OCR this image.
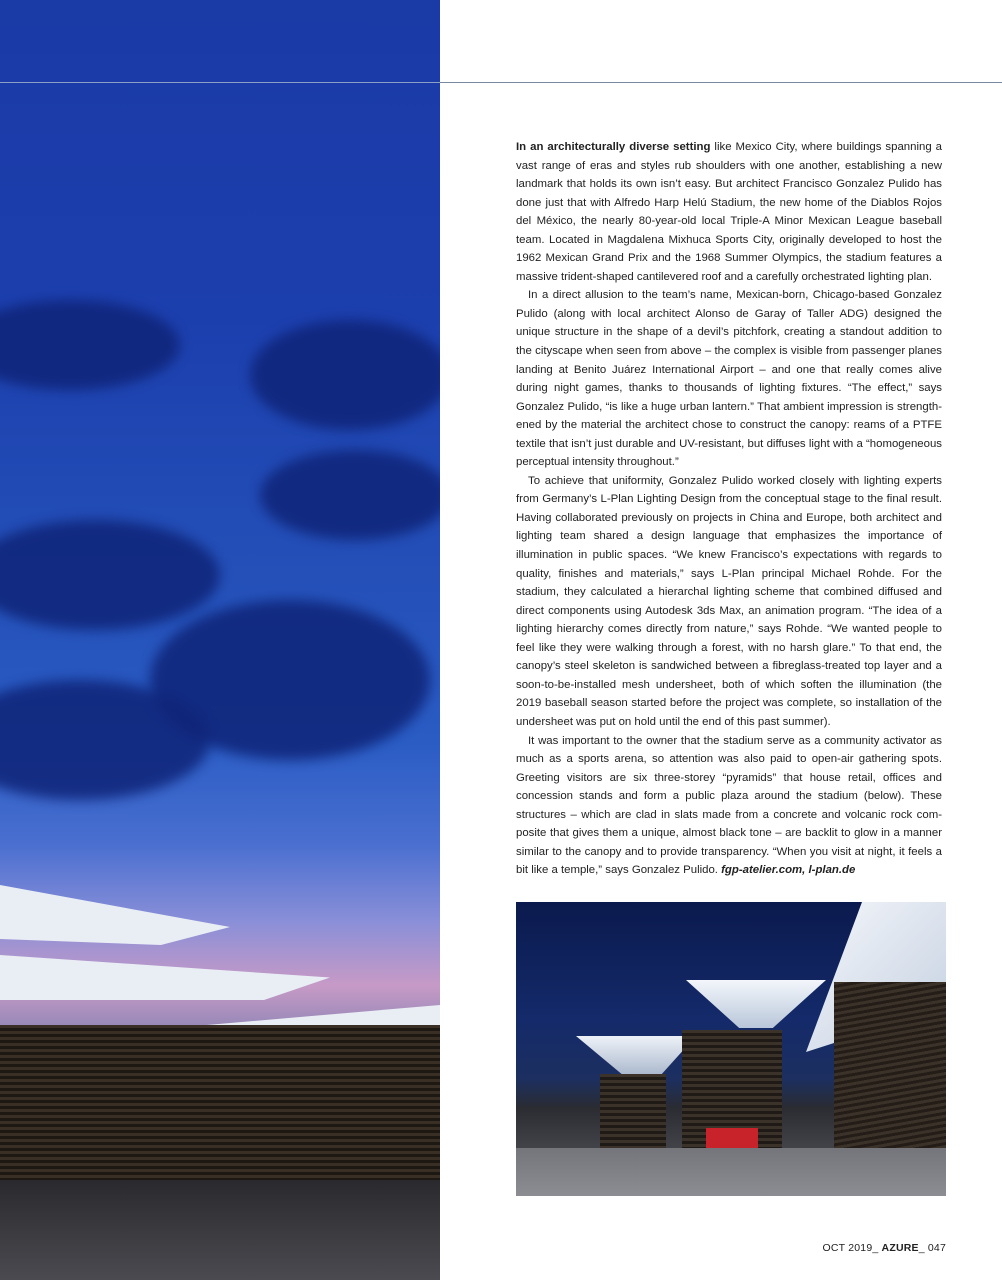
In an architecturally diverse setting like Mexico City, where buildings spanning a vast range of eras and styles rub shoulders with one another, establishing a new landmark that holds its own isn’t easy. But architect Francisco Gonzalez Pulido has done just that with Alfredo Harp Helú Stadium, the new home of the Diablos Rojos del México, the nearly 80-year-old local Triple-A Minor Mexican League baseball team. Located in Magdalena Mixhuca Sports City, originally developed to host the 1962 Mexican Grand Prix and the 1968 Summer Olympics, the stadium features a massive trident-shaped cantilevered roof and a carefully orchestrated lighting plan.

In a direct allusion to the team’s name, Mexican-born, Chicago-based Gonzalez Pulido (along with local architect Alonso de Garay of Taller ADG) designed the unique structure in the shape of a devil’s pitchfork, creating a standout addition to the cityscape when seen from above – the complex is visible from passenger planes landing at Benito Juárez International Airport – and one that really comes alive during night games, thanks to thousands of lighting fixtures. “The effect,” says Gonzalez Pulido, “is like a huge urban lantern.” That ambient impression is strength-ened by the material the architect chose to construct the canopy: reams of a PTFE textile that isn’t just durable and UV-resistant, but diffuses light with a “homogeneous perceptual intensity throughout.”

To achieve that uniformity, Gonzalez Pulido worked closely with lighting experts from Germany’s L-Plan Lighting Design from the conceptual stage to the final result. Having collaborated previously on projects in China and Europe, both architect and lighting team shared a design language that emphasizes the importance of illumination in public spaces. “We knew Francisco’s expectations with regards to quality, finishes and materials,” says L-Plan principal Michael Rohde. For the stadium, they calculated a hierarchal lighting scheme that combined diffused and direct components using Autodesk 3ds Max, an animation program. “The idea of a lighting hierarchy comes directly from nature,” says Rohde. “We wanted people to feel like they were walking through a forest, with no harsh glare.” To that end, the canopy’s steel skeleton is sandwiched between a fibreglass-treated top layer and a soon-to-be-installed mesh undersheet, both of which soften the illumination (the 2019 baseball season started before the project was complete, so installation of the undersheet was put on hold until the end of this past summer).

It was important to the owner that the stadium serve as a community activator as much as a sports arena, so attention was also paid to open-air gathering spots. Greeting visitors are six three-storey “pyramids” that house retail, offices and concession stands and form a public plaza around the stadium (below). These structures – which are clad in slats made from a concrete and volcanic rock com-posite that gives them a unique, almost black tone – are backlit to glow in a manner similar to the canopy and to provide transparency. “When you visit at night, it feels a bit like a temple,” says Gonzalez Pulido. fgp-atelier.com, l-plan.de

OCT 2019_ AZURE_ 047
